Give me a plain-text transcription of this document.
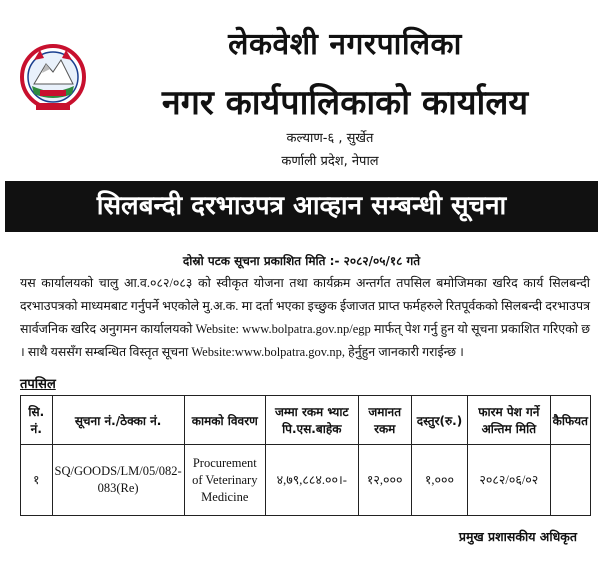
लेकवेशी नगरपालिका
नगर कार्यपालिकाको कार्यालय
कल्याण-६ , सुर्खेत
कर्णाली प्रदेश, नेपाल
सिलबन्दी दरभाउपत्र आव्हान सम्बन्धी सूचना
दोस्रो पटक सूचना प्रकाशित मिति :- २०८२/०५/१८ गते
यस कार्यालयको चालु आ.व.०८२/०८३ को स्वीकृत योजना तथा कार्यक्रम अन्तर्गत तपसिल बमोजिमका खरिद कार्य सिलबन्दी दरभाउपत्रको माध्यमबाट गर्नुपर्ने भएकोले मु.अ.क. मा दर्ता भएका इच्छुक ईजाजत प्राप्त फर्महरुले रितपूर्वकको सिलबन्दी दरभाउपत्र सार्वजनिक खरिद अनुगमन कार्यालयको Website: www.bolpatra.gov.np/egp मार्फत् पेश गर्नु हुन यो सूचना प्रकाशित गरिएको छ । साथै यससँग सम्बन्धित विस्तृत सूचना Website:www.bolpatra.gov.np, हेर्नुहुन जानकारी गराईन्छ ।
तपसिल
सि. नं.	सूचना नं./ठेक्का नं.	कामको विवरण	जम्मा रकम भ्याट पि.एस.बाहेक	जमानत रकम	दस्तुर(रु.)	फारम पेश गर्ने अन्तिम मिति	कैफियत
१	SQ/GOODS/LM/05/082-083(Re)	Procurement of Veterinary Medicine	४,७९,८८४.००।-	१२,०००	१,०००	२०८२/०६/०२	
प्रमुख प्रशासकीय अधिकृत
